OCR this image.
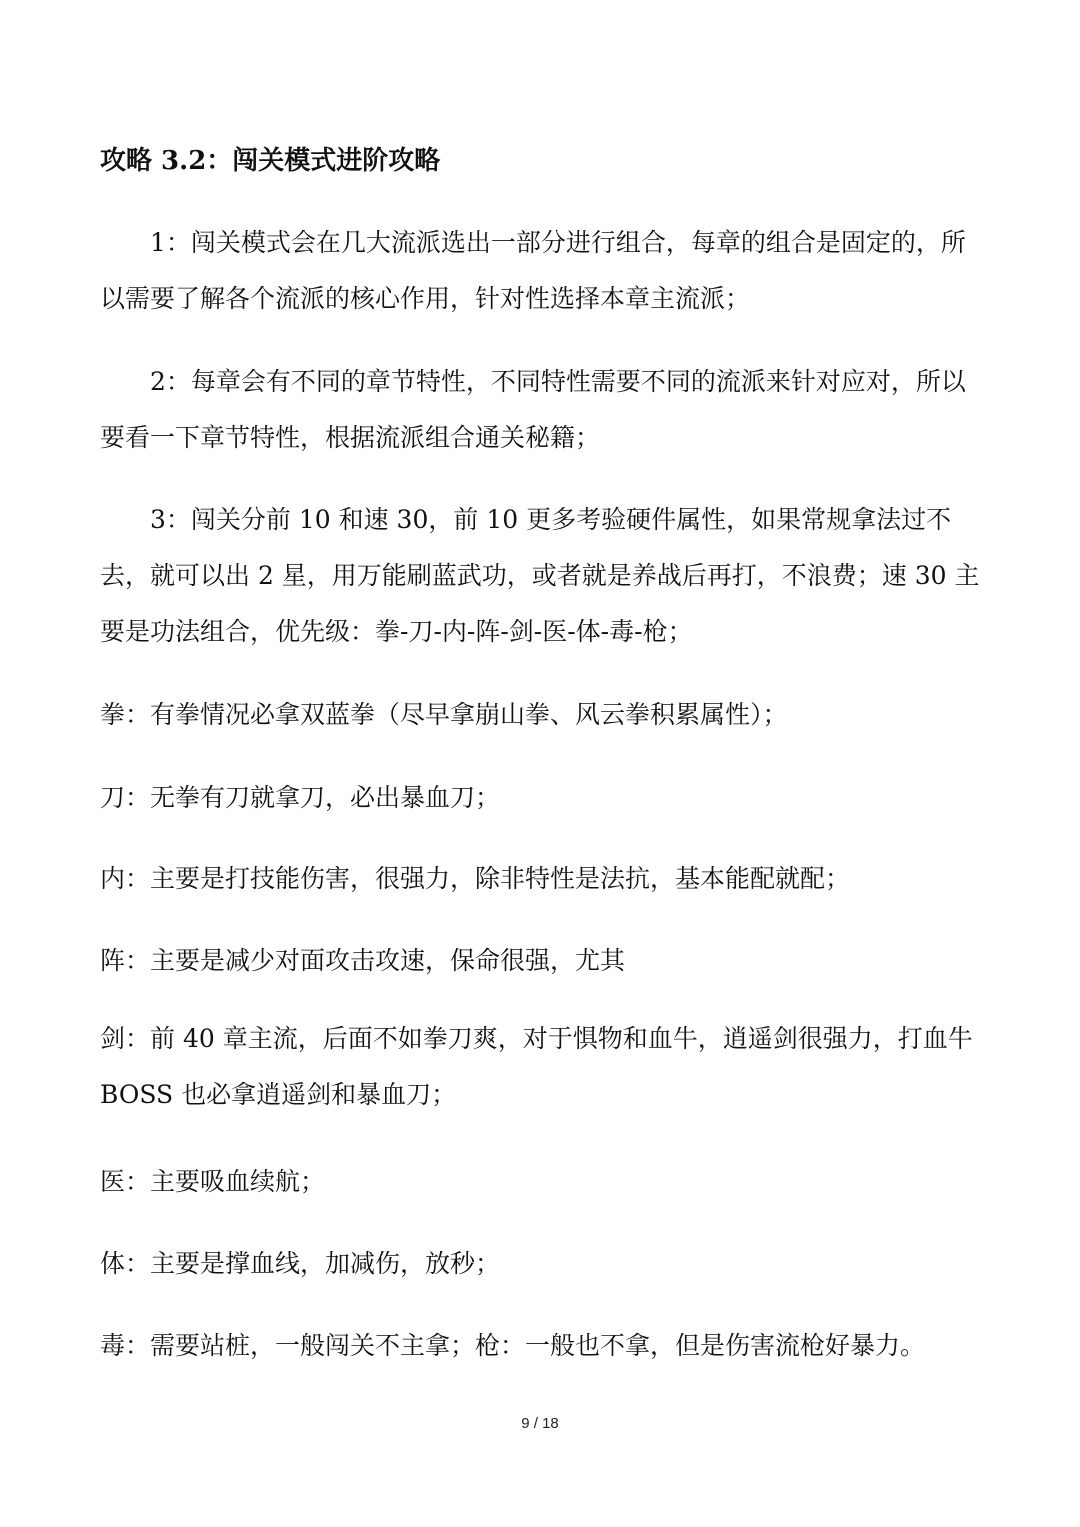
攻略 3.2：闯关模式进阶攻略

1：闯关模式会在几大流派选出一部分进行组合，每章的组合是固定的，所以需要了解各个流派的核心作用，针对性选择本章主流派；

2：每章会有不同的章节特性，不同特性需要不同的流派来针对应对，所以要看一下章节特性，根据流派组合通关秘籍；

3：闯关分前 10 和速 30，前 10 更多考验硬件属性，如果常规拿法过不去，就可以出 2 星，用万能刷蓝武功，或者就是养战后再打，不浪费；速 30 主要是功法组合，优先级：拳-刀-内-阵-剑-医-体-毒-枪；

拳：有拳情况必拿双蓝拳（尽早拿崩山拳、风云拳积累属性）；
刀：无拳有刀就拿刀，必出暴血刀；
内：主要是打技能伤害，很强力，除非特性是法抗，基本能配就配；
阵：主要是减少对面攻击攻速，保命很强，尤其

剑：前 40 章主流，后面不如拳刀爽，对于惧物和血牛，逍遥剑很强力，打血牛 BOSS 也必拿逍遥剑和暴血刀；

医：主要吸血续航；
体：主要是撑血线，加减伤，放秒；
毒：需要站桩，一般闯关不主拿；枪：一般也不拿，但是伤害流枪好暴力。
9 / 18
